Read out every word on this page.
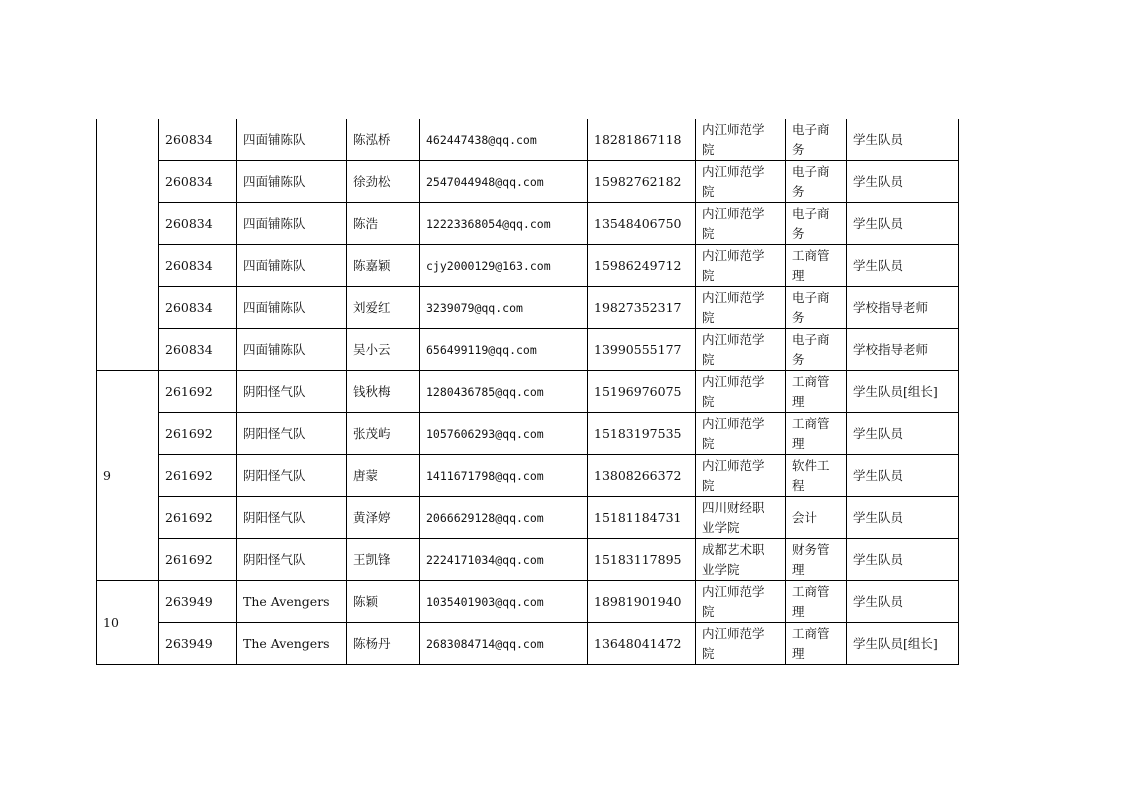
	260834	四面铺陈队	陈泓桥	462447438@qq.com	18281867118	内江师范学院	电子商务	学生队员
	260834	四面铺陈队	徐劲松	2547044948@qq.com	15982762182	内江师范学院	电子商务	学生队员
	260834	四面铺陈队	陈浩	12223368054@qq.com	13548406750	内江师范学院	电子商务	学生队员
	260834	四面铺陈队	陈嘉颖	cjy2000129@163.com	15986249712	内江师范学院	工商管理	学生队员
	260834	四面铺陈队	刘爱红	3239079@qq.com	19827352317	内江师范学院	电子商务	学校指导老师
	260834	四面铺陈队	吴小云	656499119@qq.com	13990555177	内江师范学院	电子商务	学校指导老师
9	261692	阴阳怪气队	钱秋梅	1280436785@qq.com	15196976075	内江师范学院	工商管理	学生队员[组长]
	261692	阴阳怪气队	张茂屿	1057606293@qq.com	15183197535	内江师范学院	工商管理	学生队员
	261692	阴阳怪气队	唐蒙	1411671798@qq.com	13808266372	内江师范学院	软件工程	学生队员
	261692	阴阳怪气队	黄泽婷	2066629128@qq.com	15181184731	四川财经职业学院	会计	学生队员
	261692	阴阳怪气队	王凯锋	2224171034@qq.com	15183117895	成都艺术职业学院	财务管理	学生队员
10	263949	The Avengers	陈颖	1035401903@qq.com	18981901940	内江师范学院	工商管理	学生队员
	263949	The Avengers	陈杨丹	2683084714@qq.com	13648041472	内江师范学院	工商管理	学生队员[组长]
